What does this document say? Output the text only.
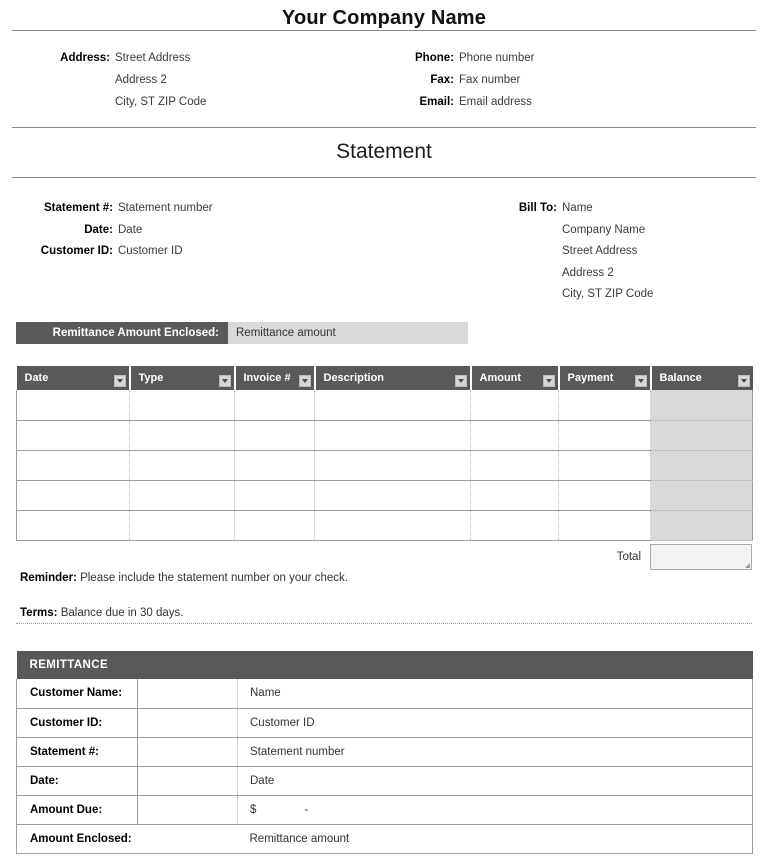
Your Company Name
Address: Street Address
Address 2
City, ST ZIP Code
Phone: Phone number
Fax: Fax number
Email: Email address
Statement
Statement #: Statement number
Date: Date
Customer ID: Customer ID
Bill To: Name
Company Name
Street Address
Address 2
City, ST ZIP Code
Remittance Amount Enclosed:	Remittance amount
Date	Type	Invoice #	Description	Amount	Payment	Balance

Total
Reminder: Please include the statement number on your check.
Terms: Balance due in 30 days.
REMITTANCE		
Customer Name:		Name
Customer ID:		Customer ID
Statement #:		Statement number
Date:		Date
Amount Due:		$ -
Amount Enclosed:		Remittance amount
